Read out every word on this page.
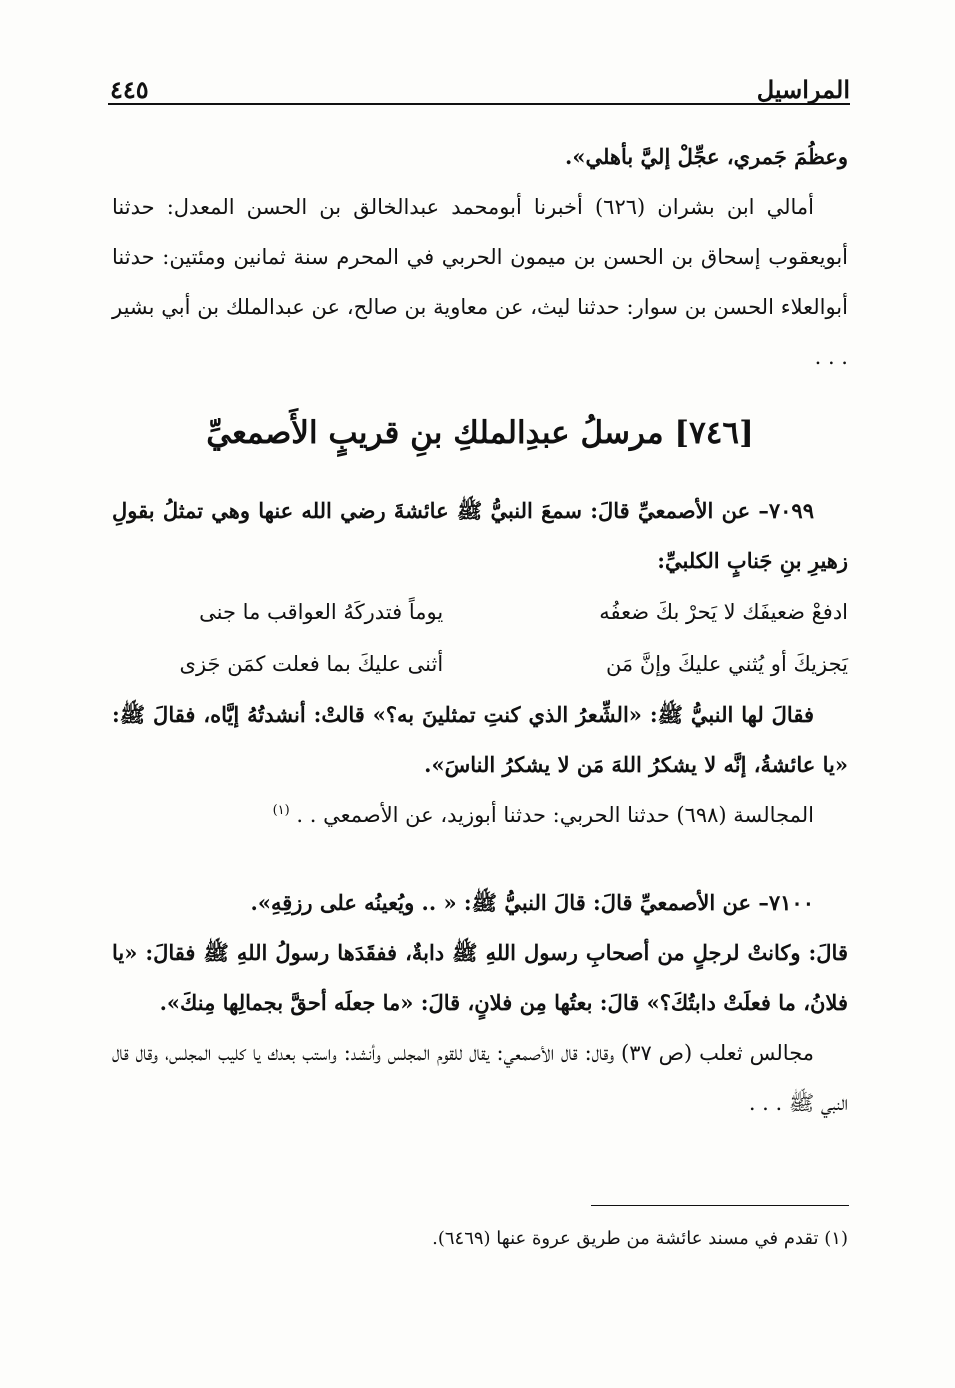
المراسيل
٤٤٥

وعظُمَ جَمري، عجِّلْ إليَّ بأهلي».

أمالي ابن بشران (٦٢٦) أخبرنا أبومحمد عبدالخالق بن الحسن المعدل: حدثنا أبويعقوب إسحاق بن الحسن بن ميمون الحربي في المحرم سنة ثمانين ومئتين: حدثنا أبوالعلاء الحسن بن سوار: حدثنا ليث، عن معاوية بن صالح، عن عبدالملك بن أبي بشير . . .

[٧٤٦] مرسلُ عبدِالملكِ بنِ قريبٍ الأَصمعيِّ

٧٠٩٩– عن الأصمعيِّ قالَ: سمعَ النبيُّ ﷺ عائشةَ رضي الله عنها وهي تمثلُ بقولِ زهيرِ بنِ جَنابٍ الكلبيِّ:

ادفعْ ضعيفَك لا يَحرْ بكَ ضعفُه
يوماً فتدركَهُ العواقب ما جنى
يَجزيكَ أو يُثني عليكَ وإنَّ مَن
أثنى عليكَ بما فعلت كمَن جَزى

فقالَ لها النبيُّ ﷺ: «الشِّعرُ الذي كنتِ تمثلينَ به؟» قالتْ: أنشدتُهُ إيَّاه، فقالَ ﷺ: «يا عائشةُ، إنَّه لا يشكرُ اللهَ مَن لا يشكرُ الناسَ».

المجالسة (٦٩٨) حدثنا الحربي: حدثنا أبوزيد، عن الأصمعي . . $^{(١)}$

٧١٠٠– عن الأصمعيِّ قالَ: قالَ النبيُّ ﷺ: « .. ويُعينُه على رزقِهِ».

قالَ: وكانتْ لرجلٍ من أصحابِ رسول اللهِ ﷺ دابةٌ، ففقَدَها رسولُ اللهِ ﷺ فقالَ: «يا فلانُ، ما فعلَتْ دابتُكَ؟» قالَ: بعتُها مِن فلانٍ، قالَ: «ما جعلَه أحقَّ بجمالِها مِنكَ».

مجالس ثعلب (ص ٣٧) وقال: قال الأصمعي: يقال للقوم المجلس وأنشد: واستب بعدك يا كليب المجلس، وقال قال النبي ﷺ . . .

(١) تقدم في مسند عائشة من طريق عروة عنها (٦٤٦٩).
